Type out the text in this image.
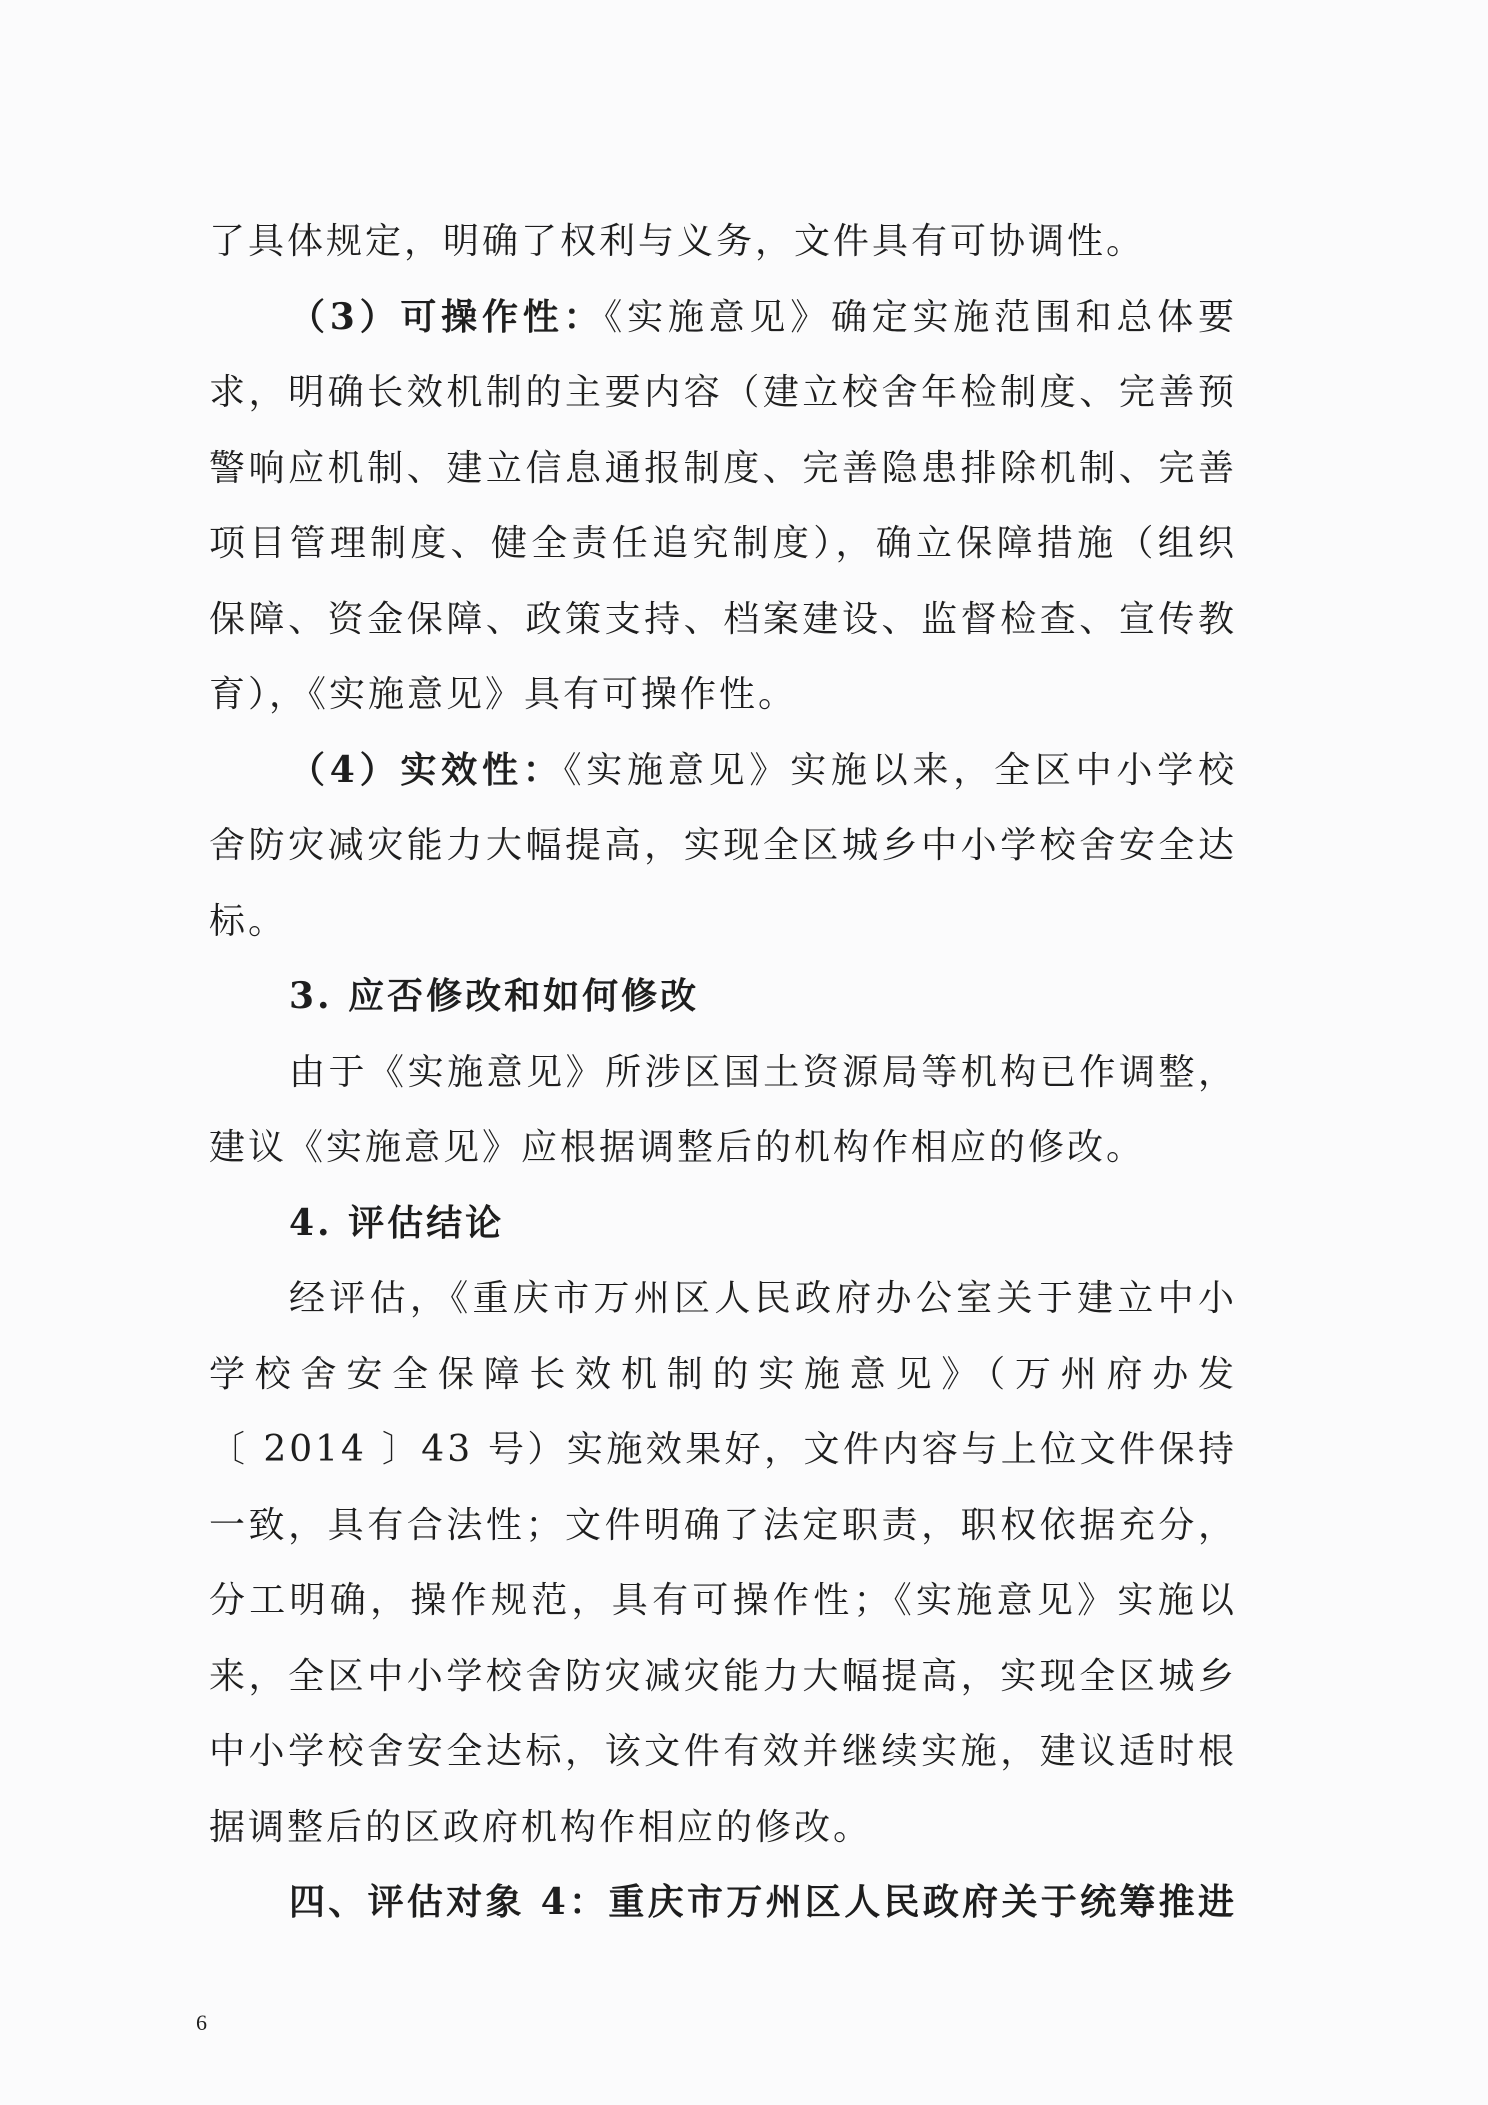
了具体规定，明确了权利与义务，文件具有可协调性。
（3）可操作性：《实施意见》确定实施范围和总体要
求，明确长效机制的主要内容（建立校舍年检制度、完善预
警响应机制、建立信息通报制度、完善隐患排除机制、完善
项目管理制度、健全责任追究制度），确立保障措施（组织
保障、资金保障、政策支持、档案建设、监督检查、宣传教
育），《实施意见》具有可操作性。
（4）实效性：《实施意见》实施以来，全区中小学校
舍防灾减灾能力大幅提高，实现全区城乡中小学校舍安全达
标。
3. 应否修改和如何修改
由于《实施意见》所涉区国土资源局等机构已作调整，
建议《实施意见》应根据调整后的机构作相应的修改。
4. 评估结论
经评估，《重庆市万州区人民政府办公室关于建立中小
学校舍安全保障长效机制的实施意见》（万州府办发
〔 2014 〕43 号）实施效果好，文件内容与上位文件保持
一致，具有合法性；文件明确了法定职责，职权依据充分，
分工明确，操作规范，具有可操作性；《实施意见》实施以
来，全区中小学校舍防灾减灾能力大幅提高，实现全区城乡
中小学校舍安全达标，该文件有效并继续实施，建议适时根
据调整后的区政府机构作相应的修改。
四、评估对象 4：重庆市万州区人民政府关于统筹推进
6
